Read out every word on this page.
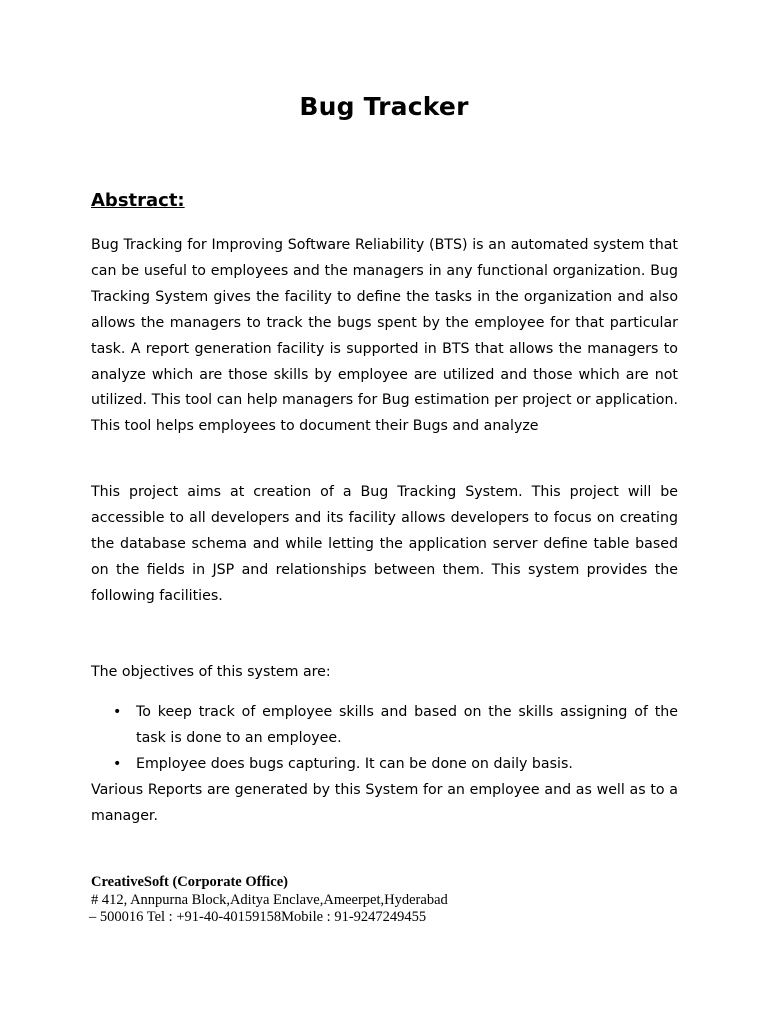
Bug Tracker
Abstract:

Bug Tracking for Improving Software Reliability (BTS) is an automated system that can be useful to employees and the managers in any functional organization. Bug Tracking System gives the facility to define the tasks in the organization and also allows the managers to track the bugs spent by the employee for that particular task. A report generation facility is supported in BTS that allows the managers to analyze which are those skills by employee are utilized and those which are not utilized. This tool can help managers for Bug estimation per project or application. This tool helps employees to document their Bugs and analyze

This project aims at creation of a Bug Tracking System. This project will be accessible to all developers and its facility allows developers to focus on creating the database schema and while letting the application server define table based on the fields in JSP and relationships between them. This system provides the following facilities.

The objectives of this system are:

• To keep track of employee skills and based on the skills assigning of the task is done to an employee.
• Employee does bugs capturing. It can be done on daily basis.

Various Reports are generated by this System for an employee and as well as to a manager.

CreativeSoft (Corporate Office)
# 412, Annpurna Block,Aditya Enclave,Ameerpet,Hyderabad
– 500016 Tel : +91-40-40159158Mobile : 91-9247249455
